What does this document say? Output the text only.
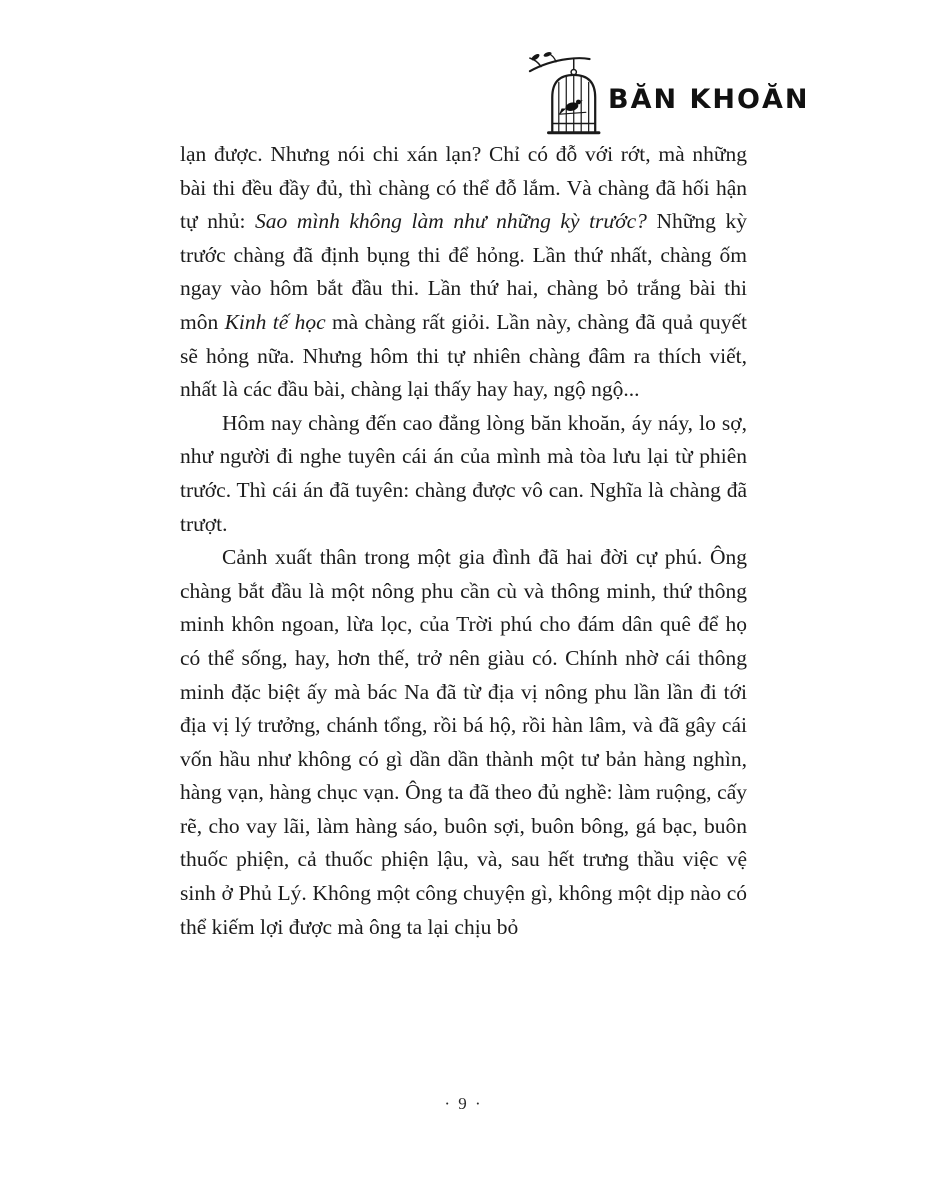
BĂN KHOĂN

lạn được. Nhưng nói chi xán lạn? Chỉ có đỗ với rớt, mà những bài thi đều đầy đủ, thì chàng có thể đỗ lắm. Và chàng đã hối hận tự nhủ: Sao mình không làm như những kỳ trước? Những kỳ trước chàng đã định bụng thi để hỏng. Lần thứ nhất, chàng ốm ngay vào hôm bắt đầu thi. Lần thứ hai, chàng bỏ trắng bài thi môn Kinh tế học mà chàng rất giỏi. Lần này, chàng đã quả quyết sẽ hỏng nữa. Nhưng hôm thi tự nhiên chàng đâm ra thích viết, nhất là các đầu bài, chàng lại thấy hay hay, ngộ ngộ...

Hôm nay chàng đến cao đẳng lòng băn khoăn, áy náy, lo sợ, như người đi nghe tuyên cái án của mình mà tòa lưu lại từ phiên trước. Thì cái án đã tuyên: chàng được vô can. Nghĩa là chàng đã trượt.

Cảnh xuất thân trong một gia đình đã hai đời cự phú. Ông chàng bắt đầu là một nông phu cần cù và thông minh, thứ thông minh khôn ngoan, lừa lọc, của Trời phú cho đám dân quê để họ có thể sống, hay, hơn thế, trở nên giàu có. Chính nhờ cái thông minh đặc biệt ấy mà bác Na đã từ địa vị nông phu lần lần đi tới địa vị lý trưởng, chánh tổng, rồi bá hộ, rồi hàn lâm, và đã gây cái vốn hầu như không có gì dần dần thành một tư bản hàng nghìn, hàng vạn, hàng chục vạn. Ông ta đã theo đủ nghề: làm ruộng, cấy rẽ, cho vay lãi, làm hàng sáo, buôn sợi, buôn bông, gá bạc, buôn thuốc phiện, cả thuốc phiện lậu, và, sau hết trưng thầu việc vệ sinh ở Phủ Lý. Không một công chuyện gì, không một dịp nào có thể kiếm lợi được mà ông ta lại chịu bỏ

· 9 ·
